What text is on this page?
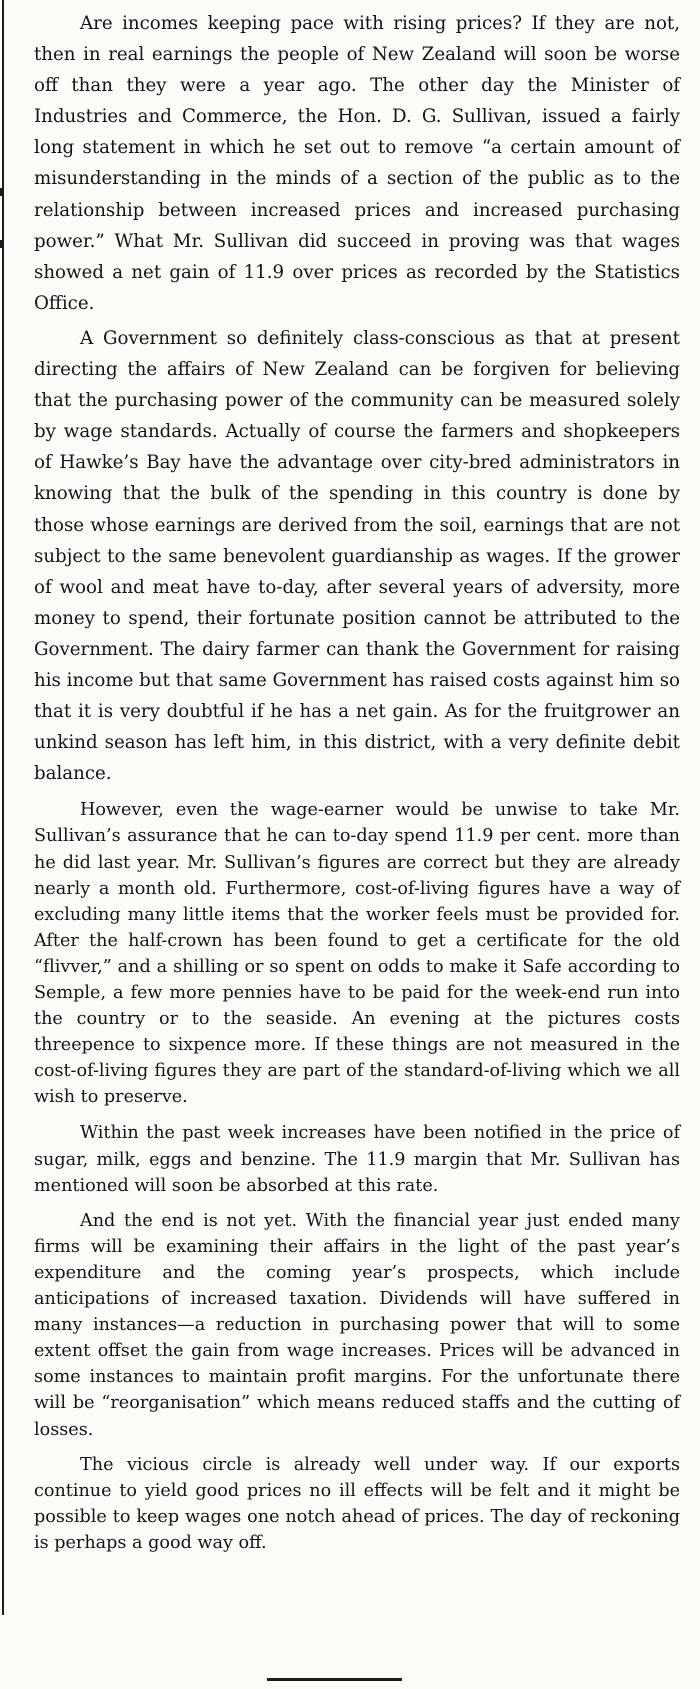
Are incomes keeping pace with rising prices? If they are not, then in real earnings the people of New Zealand will soon be worse off than they were a year ago. The other day the Minister of Industries and Commerce, the Hon. D. G. Sullivan, issued a fairly long statement in which he set out to remove “a certain amount of misunderstanding in the minds of a section of the public as to the relationship between increased prices and increased purchasing power.” What Mr. Sullivan did succeed in proving was that wages showed a net gain of 11.9 over prices as recorded by the Statistics Office.

A Government so definitely class-conscious as that at present directing the affairs of New Zealand can be forgiven for believing that the purchasing power of the community can be measured solely by wage standards. Actually of course the farmers and shopkeepers of Hawke’s Bay have the advantage over city-bred administrators in knowing that the bulk of the spending in this country is done by those whose earnings are derived from the soil, earnings that are not subject to the same benevolent guardianship as wages. If the grower of wool and meat have to-day, after several years of adversity, more money to spend, their fortunate position cannot be attributed to the Government. The dairy farmer can thank the Government for raising his income but that same Government has raised costs against him so that it is very doubtful if he has a net gain. As for the fruitgrower an unkind season has left him, in this district, with a very definite debit balance.

However, even the wage-earner would be unwise to take Mr. Sullivan’s assurance that he can to-day spend 11.9 per cent. more than he did last year. Mr. Sullivan’s figures are correct but they are already nearly a month old. Furthermore, cost-of-living figures have a way of excluding many little items that the worker feels must be provided for. After the half-crown has been found to get a certificate for the old “flivver,” and a shilling or so spent on odds to make it Safe according to Semple, a few more pennies have to be paid for the week-end run into the country or to the seaside. An evening at the pictures costs threepence to sixpence more. If these things are not measured in the cost-of-living figures they are part of the standard-of-living which we all wish to preserve.

Within the past week increases have been notified in the price of sugar, milk, eggs and benzine. The 11.9 margin that Mr. Sullivan has mentioned will soon be absorbed at this rate.

And the end is not yet. With the financial year just ended many firms will be examining their affairs in the light of the past year’s expenditure and the coming year’s prospects, which include anticipations of increased taxation. Dividends will have suffered in many instances—a reduction in purchasing power that will to some extent offset the gain from wage increases. Prices will be advanced in some instances to maintain profit margins. For the unfortunate there will be “reorganisation” which means reduced staffs and the cutting of losses.

The vicious circle is already well under way. If our exports continue to yield good prices no ill effects will be felt and it might be possible to keep wages one notch ahead of prices. The day of reckoning is perhaps a good way off.
